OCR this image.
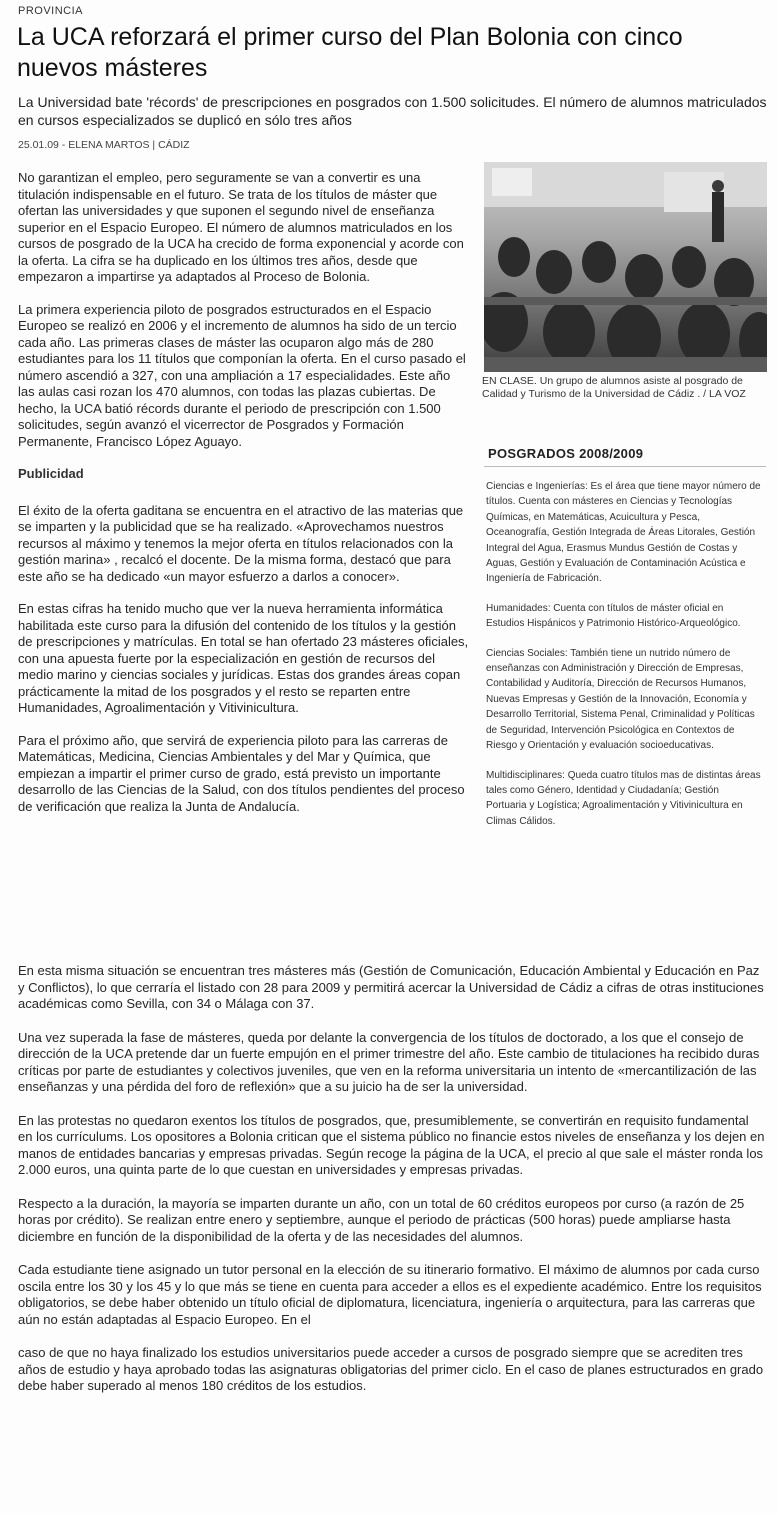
PROVINCIA
La UCA reforzará el primer curso del Plan Bolonia con cinco nuevos másteres

La Universidad bate 'récords' de prescripciones en posgrados con 1.500 solicitudes. El número de alumnos matriculados en cursos especializados se duplicó en sólo tres años

25.01.09 - ELENA MARTOS | CÁDIZ

No garantizan el empleo, pero seguramente se van a convertir es una titulación indispensable en el futuro. Se trata de los títulos de máster que ofertan las universidades y que suponen el segundo nivel de enseñanza superior en el Espacio Europeo. El número de alumnos matriculados en los cursos de posgrado de la UCA ha crecido de forma exponencial y acorde con la oferta. La cifra se ha duplicado en los últimos tres años, desde que empezaron a impartirse ya adaptados al Proceso de Bolonia.

La primera experiencia piloto de posgrados estructurados en el Espacio Europeo se realizó en 2006 y el incremento de alumnos ha sido de un tercio cada año. Las primeras clases de máster las ocuparon algo más de 280 estudiantes para los 11 títulos que componían la oferta. En el curso pasado el número ascendió a 327, con una ampliación a 17 especialidades. Este año las aulas casi rozan los 470 alumnos, con todas las plazas cubiertas. De hecho, la UCA batió récords durante el periodo de prescripción con 1.500 solicitudes, según avanzó el vicerrector de Posgrados y Formación Permanente, Francisco López Aguayo.

Publicidad

El éxito de la oferta gaditana se encuentra en el atractivo de las materias que se imparten y la publicidad que se ha realizado. «Aprovechamos nuestros recursos al máximo y tenemos la mejor oferta en títulos relacionados con la gestión marina» , recalcó el docente. De la misma forma, destacó que para este año se ha dedicado «un mayor esfuerzo a darlos a conocer».

En estas cifras ha tenido mucho que ver la nueva herramienta informática habilitada este curso para la difusión del contenido de los títulos y la gestión de prescripciones y matrículas. En total se han ofertado 23 másteres oficiales, con una apuesta fuerte por la especialización en gestión de recursos del medio marino y ciencias sociales y jurídicas. Estas dos grandes áreas copan prácticamente la mitad de los posgrados y el resto se reparten entre Humanidades, Agroalimentación y Vitivinicultura.

Para el próximo año, que servirá de experiencia piloto para las carreras de Matemáticas, Medicina, Ciencias Ambientales y del Mar y Química, que empiezan a impartir el primer curso de grado, está previsto un importante desarrollo de las Ciencias de la Salud, con dos títulos pendientes del proceso de verificación que realiza la Junta de Andalucía.

EN CLASE. Un grupo de alumnos asiste al posgrado de Calidad y Turismo de la Universidad de Cádiz . / LA VOZ
POSGRADOS 2008/2009

Ciencias e Ingenierías: Es el área que tiene mayor número de títulos. Cuenta con másteres en Ciencias y Tecnologías Químicas, en Matemáticas, Acuicultura y Pesca, Oceanografía, Gestión Integrada de Áreas Litorales, Gestión Integral del Agua, Erasmus Mundus Gestión de Costas y Aguas, Gestión y Evaluación de Contaminación Acústica e Ingeniería de Fabricación.

Humanidades: Cuenta con títulos de máster oficial en Estudios Hispánicos y Patrimonio Histórico-Arqueológico.

Ciencias Sociales: También tiene un nutrido número de enseñanzas con Administración y Dirección de Empresas, Contabilidad y Auditoría, Dirección de Recursos Humanos, Nuevas Empresas y Gestión de la Innovación, Economía y Desarrollo Territorial, Sistema Penal, Criminalidad y Políticas de Seguridad, Intervención Psicológica en Contextos de Riesgo y Orientación y evaluación socioeducativas.

Multidisciplinares: Queda cuatro títulos mas de distintas áreas tales como Género, Identidad y Ciudadanía; Gestión Portuaria y Logística; Agroalimentación y Vitivinicultura en Climas Cálidos.

En esta misma situación se encuentran tres másteres más (Gestión de Comunicación, Educación Ambiental y Educación en Paz y Conflictos), lo que cerraría el listado con 28 para 2009 y permitirá acercar la Universidad de Cádiz a cifras de otras instituciones académicas como Sevilla, con 34 o Málaga con 37.

Una vez superada la fase de másteres, queda por delante la convergencia de los títulos de doctorado, a los que el consejo de dirección de la UCA pretende dar un fuerte empujón en el primer trimestre del año. Este cambio de titulaciones ha recibido duras críticas por parte de estudiantes y colectivos juveniles, que ven en la reforma universitaria un intento de «mercantilización de las enseñanzas y una pérdida del foro de reflexión» que a su juicio ha de ser la universidad.

En las protestas no quedaron exentos los títulos de posgrados, que, presumiblemente, se convertirán en requisito fundamental en los currículums. Los opositores a Bolonia critican que el sistema público no financie estos niveles de enseñanza y los dejen en manos de entidades bancarias y empresas privadas. Según recoge la página de la UCA, el precio al que sale el máster ronda los 2.000 euros, una quinta parte de lo que cuestan en universidades y empresas privadas.

Respecto a la duración, la mayoría se imparten durante un año, con un total de 60 créditos europeos por curso (a razón de 25 horas por crédito). Se realizan entre enero y septiembre, aunque el periodo de prácticas (500 horas) puede ampliarse hasta diciembre en función de la disponibilidad de la oferta y de las necesidades del alumnos.

Cada estudiante tiene asignado un tutor personal en la elección de su itinerario formativo. El máximo de alumnos por cada curso oscila entre los 30 y los 45 y lo que más se tiene en cuenta para acceder a ellos es el expediente académico. Entre los requisitos obligatorios, se debe haber obtenido un título oficial de diplomatura, licenciatura, ingeniería o arquitectura, para las carreras que aún no están adaptadas al Espacio Europeo. En el

caso de que no haya finalizado los estudios universitarios puede acceder a cursos de posgrado siempre que se acrediten tres años de estudio y haya aprobado todas las asignaturas obligatorias del primer ciclo. En el caso de planes estructurados en grado debe haber superado al menos 180 créditos de los estudios.
